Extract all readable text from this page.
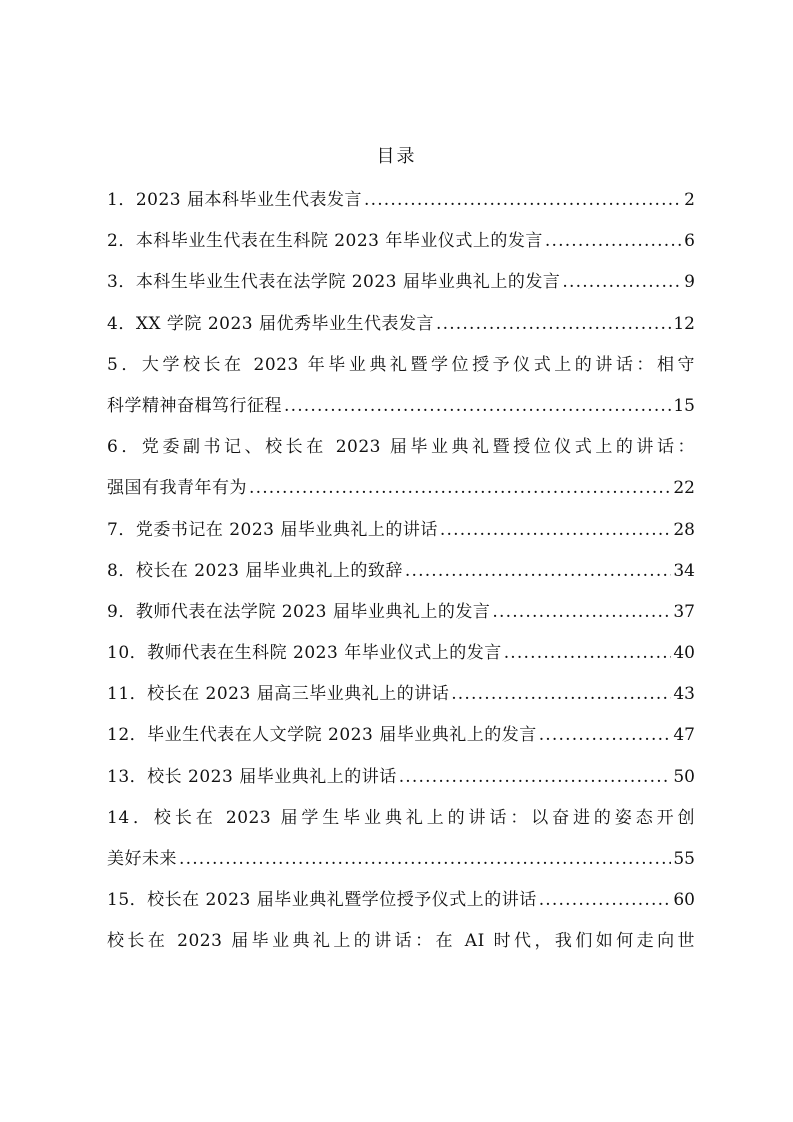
目录
1．2023 届本科毕业生代表发言 .....	2
2．本科毕业生代表在生科院 2023 年毕业仪式上的发言 .....	6
3．本科生毕业生代表在法学院 2023 届毕业典礼上的发言 .....	9
4．XX 学院 2023 届优秀毕业生代表发言 .....	12
5．大学校长在 2023 年毕业典礼暨学位授予仪式上的讲话：相守
科学精神奋楫笃行征程 .....	15
6．党委副书记、校长在 2023 届毕业典礼暨授位仪式上的讲话：
强国有我青年有为 .....	22
7．党委书记在 2023 届毕业典礼上的讲话 .....	28
8．校长在 2023 届毕业典礼上的致辞 .....	34
9．教师代表在法学院 2023 届毕业典礼上的发言 .....	37
10．教师代表在生科院 2023 年毕业仪式上的发言 .....	40
11．校长在 2023 届高三毕业典礼上的讲话 .....	43
12．毕业生代表在人文学院 2023 届毕业典礼上的发言 .....	47
13．校长 2023 届毕业典礼上的讲话 .....	50
14．校长在 2023 届学生毕业典礼上的讲话：以奋进的姿态开创
美好未来 .....	55
15．校长在 2023 届毕业典礼暨学位授予仪式上的讲话 .....	60
校长在 2023 届毕业典礼上的讲话：在 AI 时代，我们如何走向世
